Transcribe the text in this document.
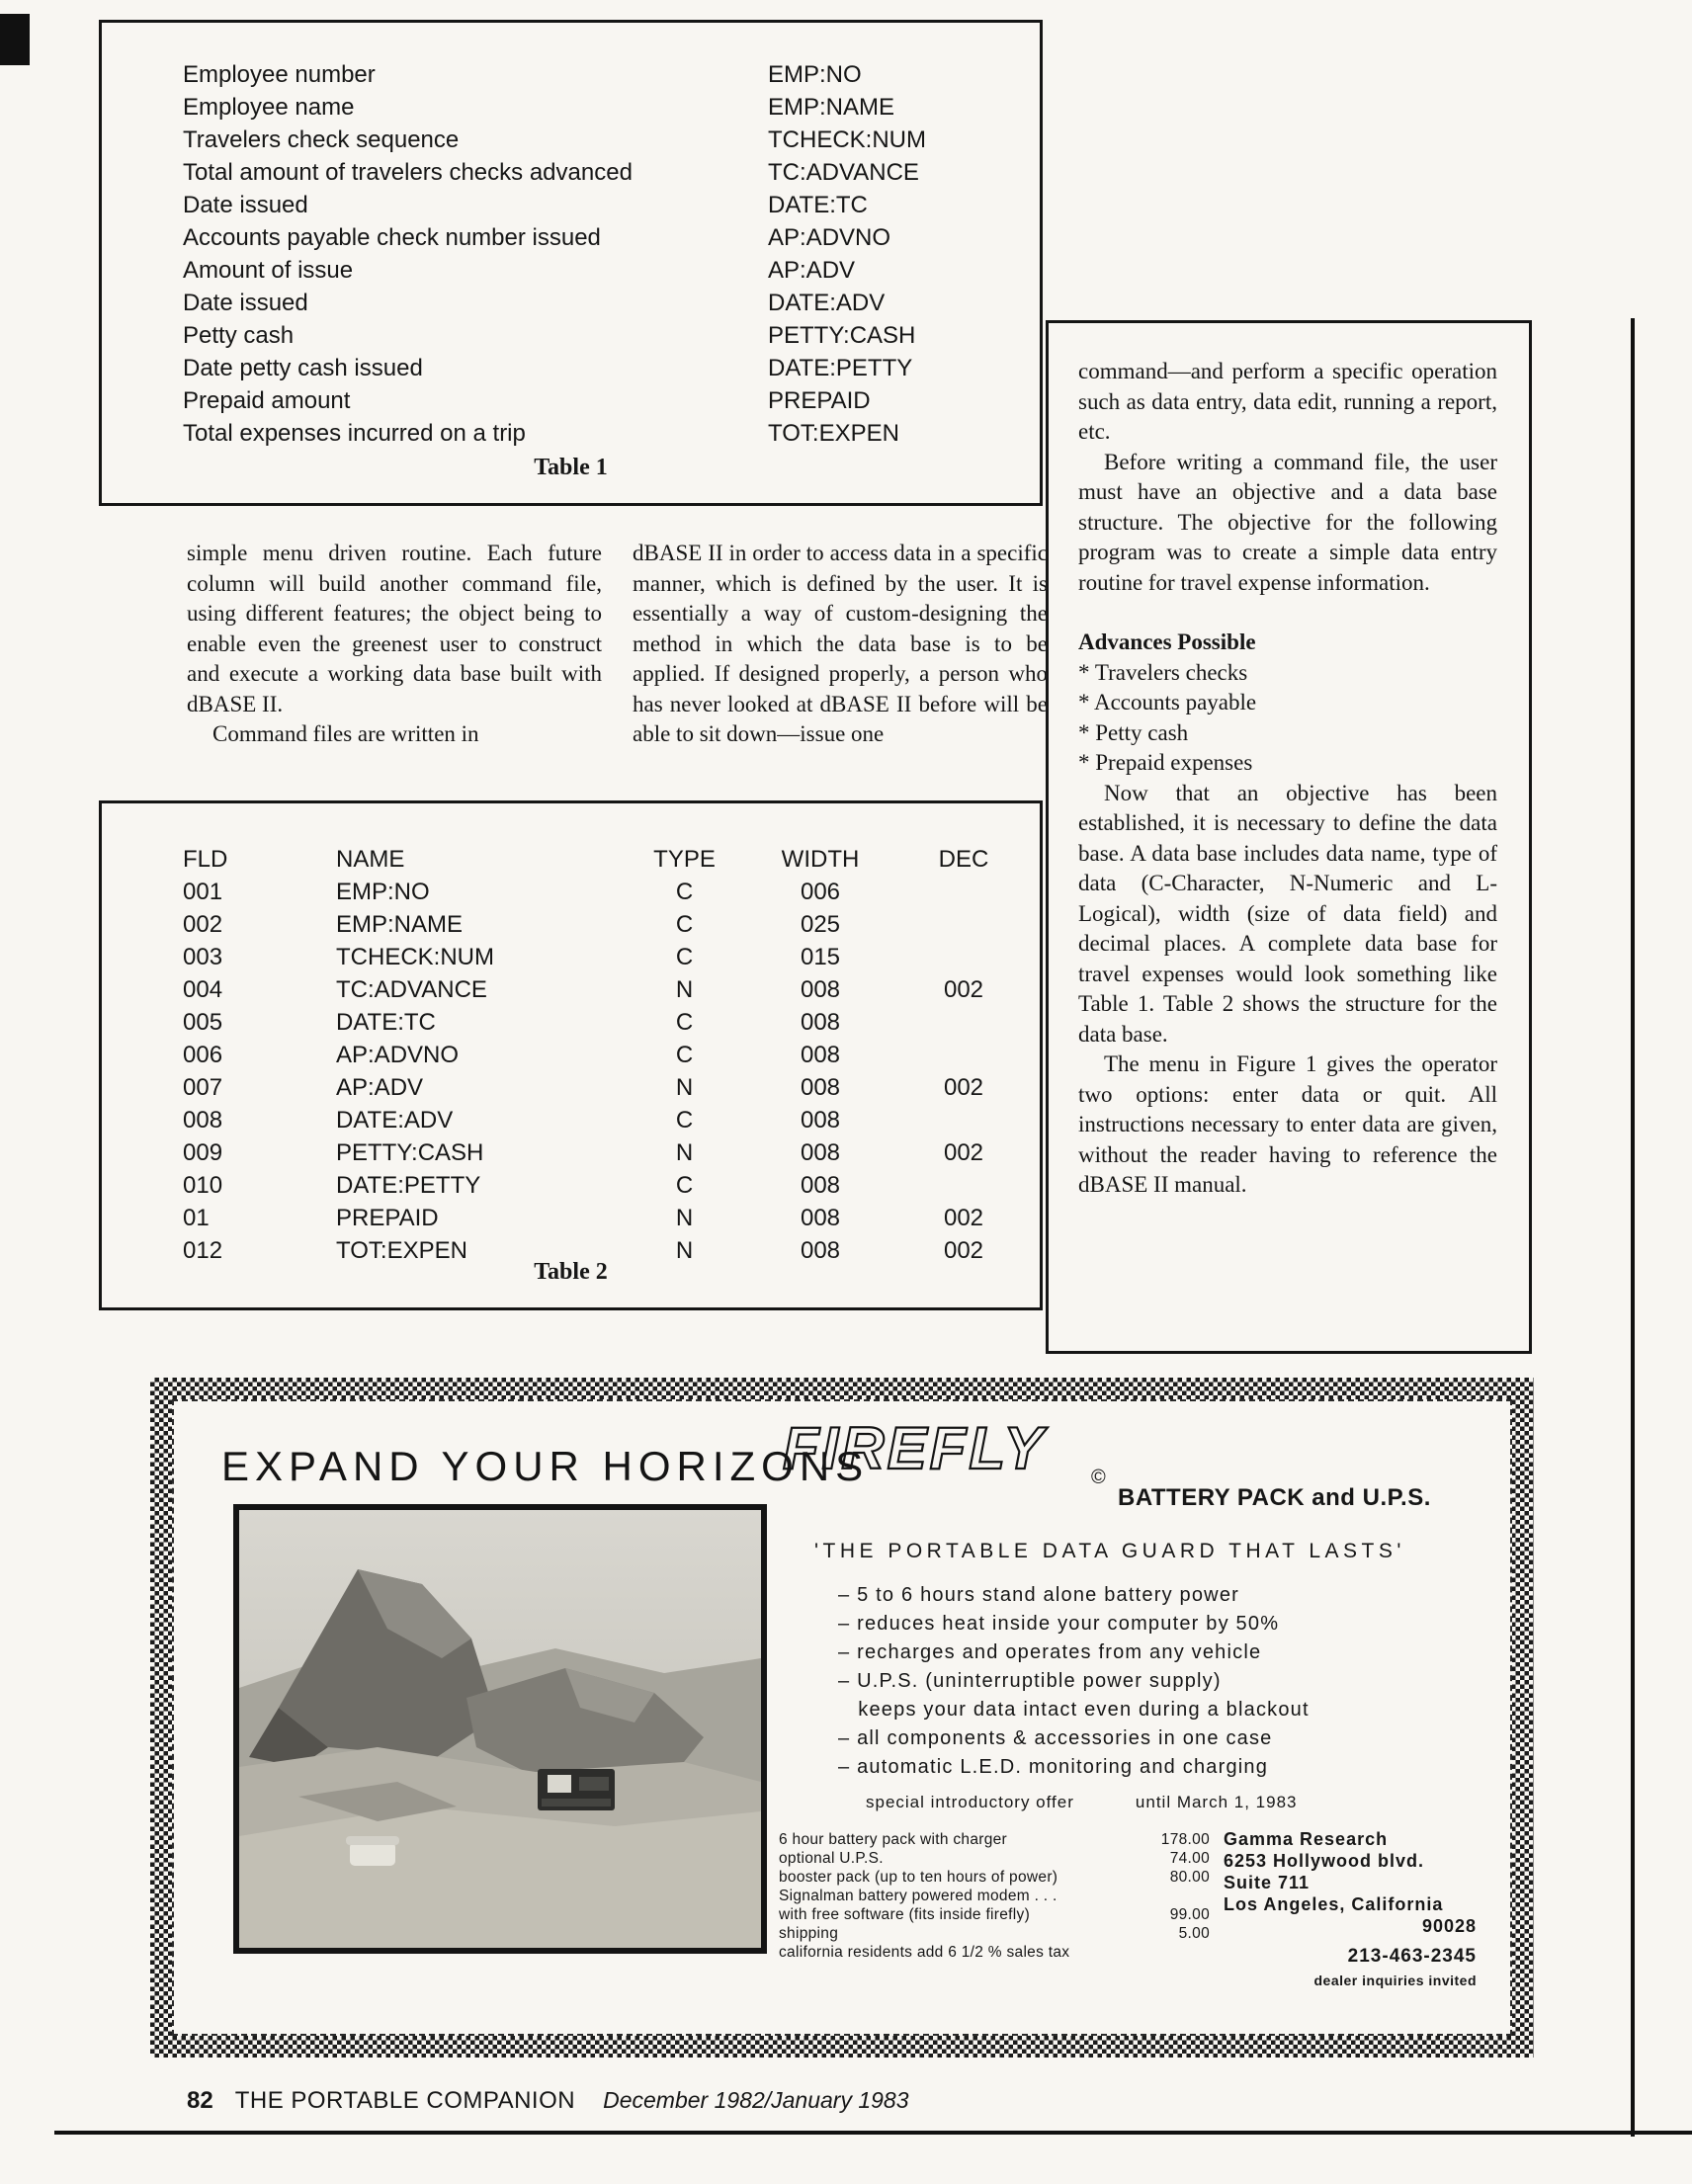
Employee number	EMP:NO
Employee name	EMP:NAME
Travelers check sequence	TCHECK:NUM
Total amount of travelers checks advanced	TC:ADVANCE
Date issued	DATE:TC
Accounts payable check number issued	AP:ADVNO
Amount of issue	AP:ADV
Date issued	DATE:ADV
Petty cash	PETTY:CASH
Date petty cash issued	DATE:PETTY
Prepaid amount	PREPAID
Total expenses incurred on a trip	TOT:EXPEN
Table 1

command—and perform a specific operation such as data entry, data edit, running a report, etc.

Before writing a command file, the user must have an objective and a data base structure. The objective for the following program was to create a simple data entry routine for travel expense information.

Advances Possible
* Travelers checks
* Accounts payable
* Petty cash
* Prepaid expenses

Now that an objective has been established, it is necessary to define the data base. A data base includes data name, type of data (C-Character, N-Numeric and L-Logical), width (size of data field) and decimal places. A complete data base for travel expenses would look something like Table 1. Table 2 shows the structure for the data base.

The menu in Figure 1 gives the operator two options: enter data or quit. All instructions necessary to enter data are given, without the reader having to reference the dBASE II manual.

simple menu driven routine. Each future column will build another command file, using different features; the object being to enable even the greenest user to construct and execute a working data base built with dBASE II.

Command files are written in

dBASE II in order to access data in a specific manner, which is defined by the user. It is essentially a way of custom-designing the method in which the data base is to be applied. If designed properly, a person who has never looked at dBASE II before will be able to sit down—issue one

FLD	NAME	TYPE	WIDTH	DEC
001	EMP:NO	C	006
002	EMP:NAME	C	025
003	TCHECK:NUM	C	015
004	TC:ADVANCE	N	008	002
005	DATE:TC	C	008
006	AP:ADVNO	C	008
007	AP:ADV	N	008	002
008	DATE:ADV	C	008
009	PETTY:CASH	N	008	002
010	DATE:PETTY	C	008
01	PREPAID	N	008	002
012	TOT:EXPEN	N	008	002
Table 2
EXPAND YOUR HORIZONS
FIREFLY ©
BATTERY PACK and U.P.S.
'THE PORTABLE DATA GUARD THAT LASTS'
– 5 to 6 hours stand alone battery power
– reduces heat inside your computer by 50%
– recharges and operates from any vehicle
– U.P.S. (uninterruptible power supply)
keeps your data intact even during a blackout
– all components & accessories in one case
– automatic L.E.D. monitoring and charging
special introductory offer	until March 1, 1983
6 hour battery pack with charger	178.00
optional U.P.S.	74.00
booster pack (up to ten hours of power)	80.00
Signalman battery powered modem . . .
with free software (fits inside firefly)	99.00
shipping	5.00
california residents add 6 1/2 % sales tax
Gamma Research
6253 Hollywood blvd.
Suite 711
Los Angeles, California
90028
213-463-2345
dealer inquiries invited
82 THE PORTABLE COMPANION December 1982/January 1983
